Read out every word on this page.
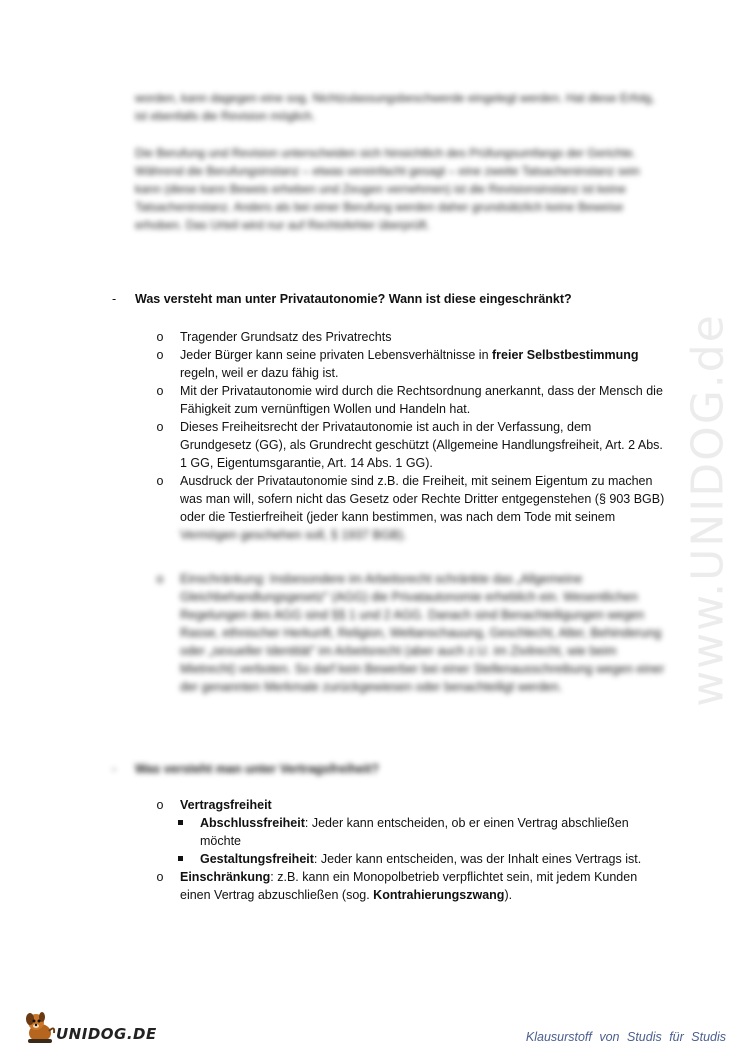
worden, kann dagegen eine sog. Nichtzulassungsbeschwerde eingelegt werden. Hat diese Erfolg, ist ebenfalls die Revision möglich.
Die Berufung und Revision unterscheiden sich hinsichtlich des Prüfungsumfangs der Gerichte. Während die Berufungsinstanz – etwas vereinfacht gesagt – eine zweite Tatsacheninstanz sein kann (diese kann Beweis erheben und Zeugen vernehmen) ist die Revisionsinstanz ist keine Tatsacheninstanz. Anders als bei einer Berufung werden daher grundsätzlich keine Beweise erhoben. Das Urteil wird nur auf Rechtsfehler überprüft.
- Was versteht man unter Privatautonomie? Wann ist diese eingeschränkt?
o Tragender Grundsatz des Privatrechts
o Jeder Bürger kann seine privaten Lebensverhältnisse in freier Selbstbestimmung regeln, weil er dazu fähig ist.
o Mit der Privatautonomie wird durch die Rechtsordnung anerkannt, dass der Mensch die Fähigkeit zum vernünftigen Wollen und Handeln hat.
o Dieses Freiheitsrecht der Privatautonomie ist auch in der Verfassung, dem Grundgesetz (GG), als Grundrecht geschützt (Allgemeine Handlungsfreiheit, Art. 2 Abs. 1 GG, Eigentumsgarantie, Art. 14 Abs. 1 GG).
o Ausdruck der Privatautonomie sind z.B. die Freiheit, mit seinem Eigentum zu machen was man will, sofern nicht das Gesetz oder Rechte Dritter entgegenstehen (§ 903 BGB) oder die Testierfreiheit (jeder kann bestimmen, was nach dem Tode mit seinem
Vermögen geschehen soll, § 1937 BGB).
o Einschränkung: Insbesondere im Arbeitsrecht schränkte das „Allgemeine Gleichbehandlungsgesetz" (AGG) die Privatautonomie erheblich ein. Wesentlichen Regelungen des AGG sind §§ 1 und 2 AGG. Danach sind Benachteiligungen wegen Rasse, ethnischer Herkunft, Religion, Weltanschauung, Geschlecht, Alter, Behinderung oder „sexueller Identität" im Arbeitsrecht (aber auch z.U. im Zivilrecht, wie beim Mietrecht) verboten. So darf kein Bewerber bei einer Stellenausschreibung wegen einer der genannten Merkmale zurückgewiesen oder benachteiligt werden.
- Was versteht man unter Vertragsfreiheit?
o Vertragsfreiheit
Abschlussfreiheit: Jeder kann entscheiden, ob er einen Vertrag abschließen möchte
Gestaltungsfreiheit: Jeder kann entscheiden, was der Inhalt eines Vertrags ist.
o Einschränkung: z.B. kann ein Monopolbetrieb verpflichtet sein, mit jedem Kunden einen Vertrag abzuschließen (sog. Kontrahierungszwang).
www.UNIDOG.de
UNIDOG.DE	Klausurstoff von Studis für Studis
